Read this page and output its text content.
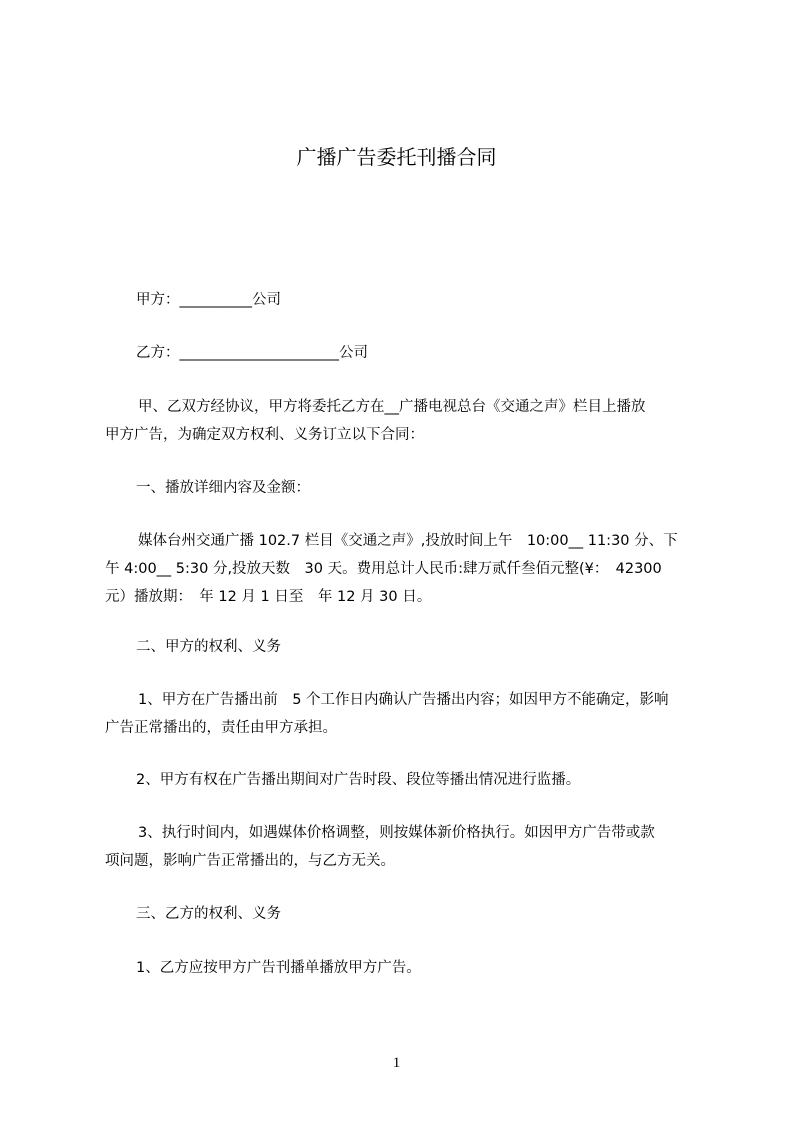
广播广告委托刊播合同
甲方：__________公司
乙方：______________________公司
甲、乙双方经协议，甲方将委托乙方在__广播电视总台《交通之声》栏目上播放
甲方广告，为确定双方权利、义务订立以下合同：
一、播放详细内容及金额：
媒体台州交通广播 102.7 栏目《交通之声》,投放时间上午　10:00__ 11:30 分、下
午 4:00__ 5:30 分,投放天数　30 天。费用总计人民币:肆万贰仟叁佰元整(¥：　42300
元）播放期：　年 12 月 1 日至　年 12 月 30 日。
二、甲方的权利、义务
1、甲方在广告播出前　5 个工作日内确认广告播出内容；如因甲方不能确定，影响
广告正常播出的，责任由甲方承担。
2、甲方有权在广告播出期间对广告时段、段位等播出情况进行监播。
3、执行时间内，如遇媒体价格调整，则按媒体新价格执行。如因甲方广告带或款
项问题，影响广告正常播出的，与乙方无关。
三、乙方的权利、义务
1、乙方应按甲方广告刊播单播放甲方广告。
1
